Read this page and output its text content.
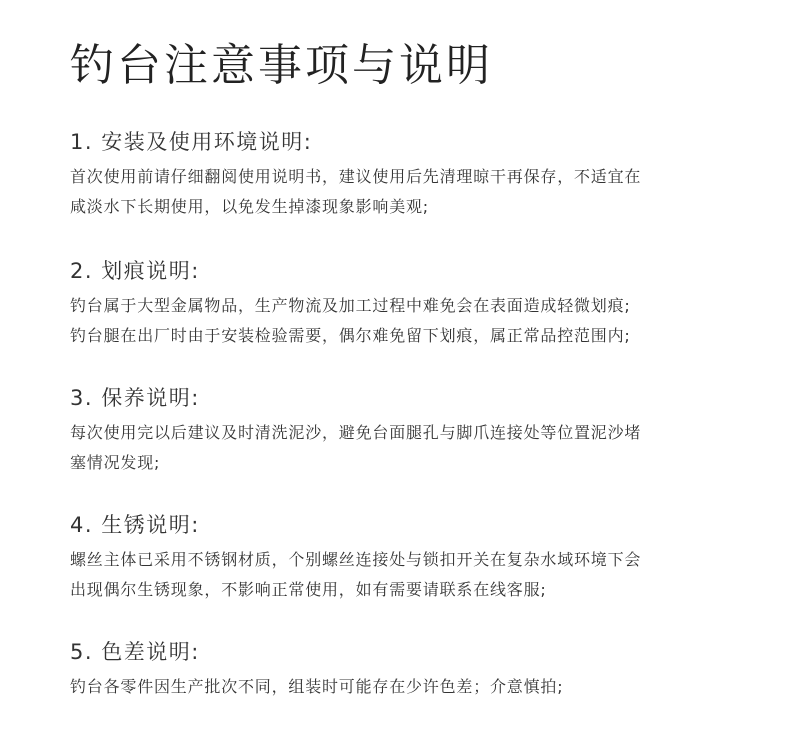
钓台注意事项与说明
1. 安装及使用环境说明:

首次使用前请仔细翻阅使用说明书，建议使用后先清理晾干再保存，不适宜在
咸淡水下长期使用，以免发生掉漆现象影响美观;

2. 划痕说明:

钓台属于大型金属物品，生产物流及加工过程中难免会在表面造成轻微划痕;
钓台腿在出厂时由于安装检验需要，偶尔难免留下划痕，属正常品控范围内;

3. 保养说明:

每次使用完以后建议及时清洗泥沙，避免台面腿孔与脚爪连接处等位置泥沙堵
塞情况发现;

4. 生锈说明:

螺丝主体已采用不锈钢材质，个别螺丝连接处与锁扣开关在复杂水域环境下会
出现偶尔生锈现象，不影响正常使用，如有需要请联系在线客服;

5. 色差说明:

钓台各零件因生产批次不同，组装时可能存在少许色差；介意慎拍;
